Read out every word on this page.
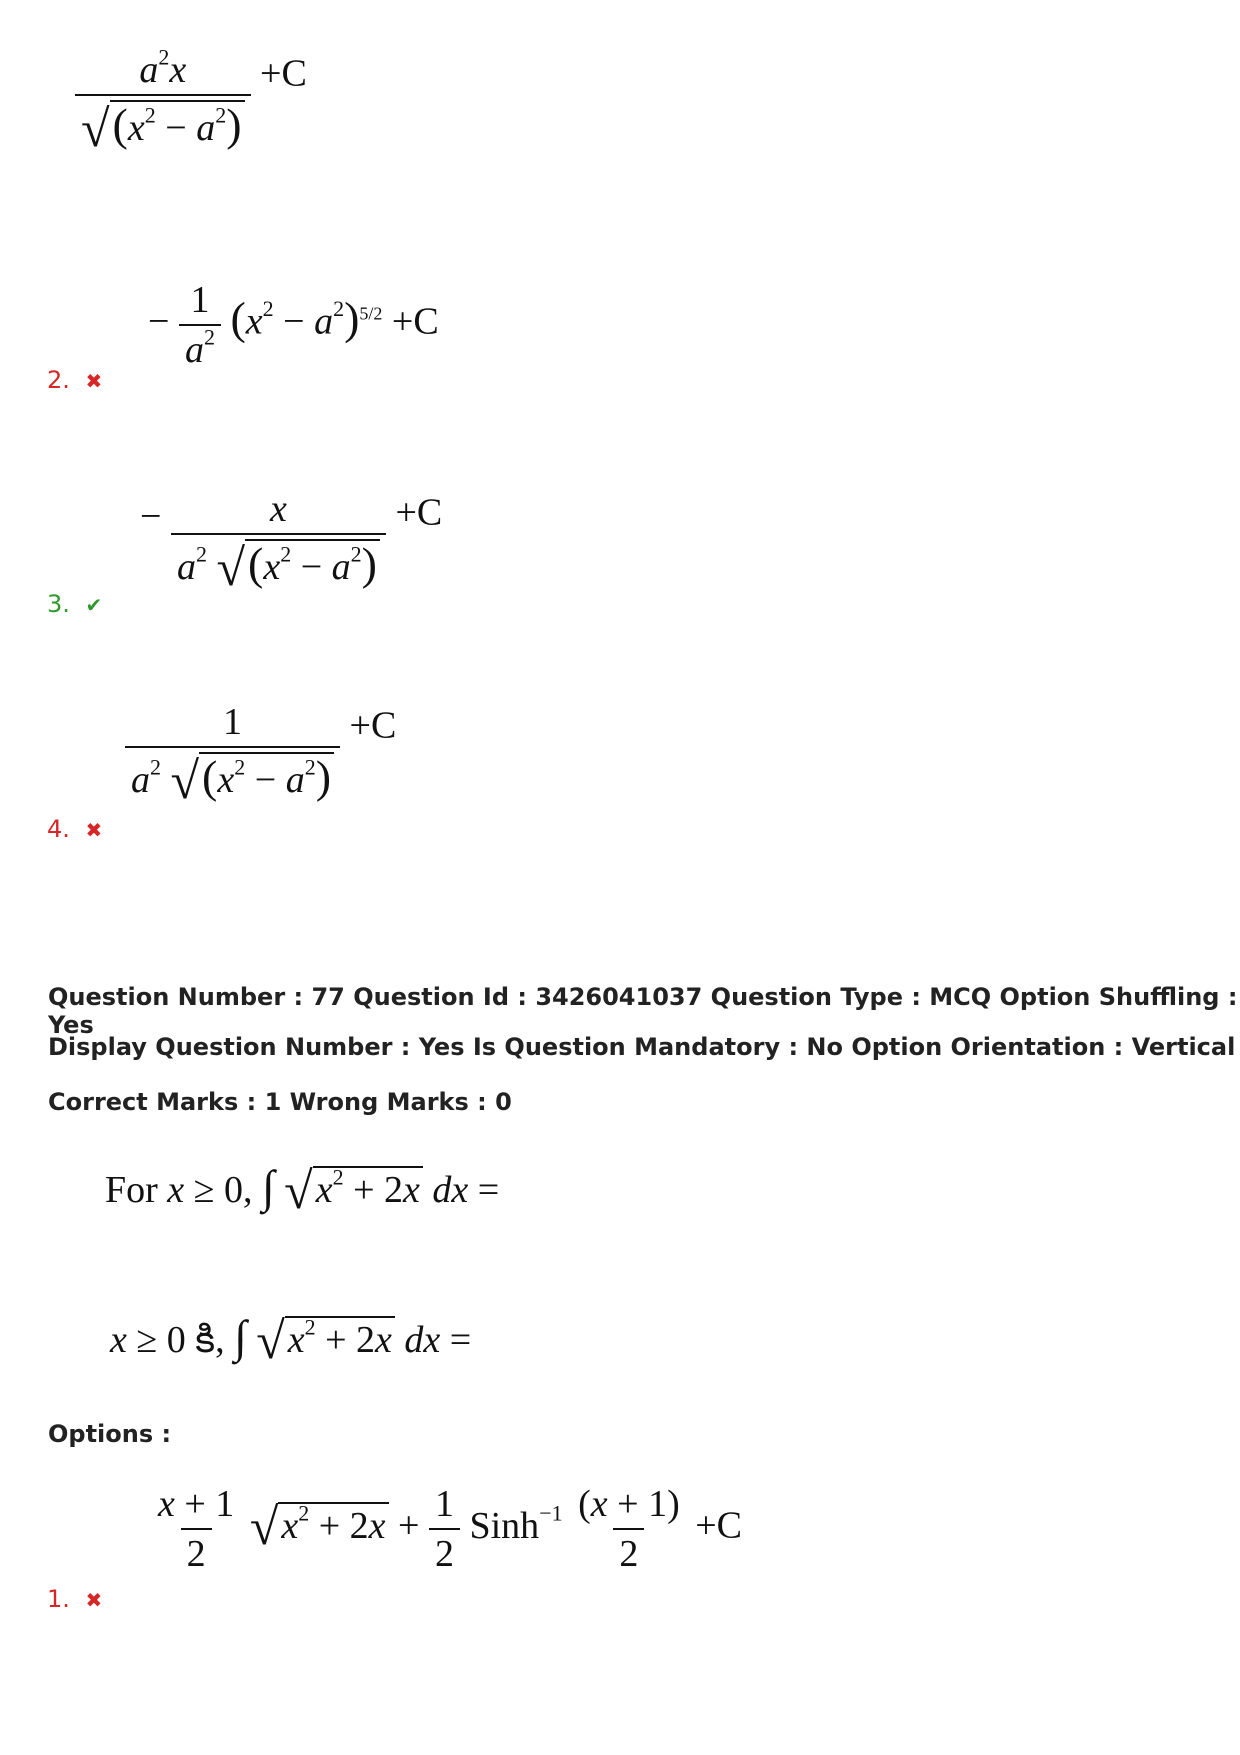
$\frac{a^2x}{√ (x^2 - a^2)} +C$
− $\frac{1}{a^2} (x^2 - a^2)^{5/2} +C$
2. ✖
− $\frac{x}{a^2 √ (x^2 - a^2)} +C$
3. ✔
$\frac{1}{a^2 √ (x^2 - a^2)} +C$
4. ✖
Question Number : 77 Question Id : 3426041037 Question Type : MCQ Option Shuffling : Yes
Display Question Number : Yes Is Question Mandatory : No Option Orientation : Vertical
Correct Marks : 1 Wrong Marks : 0
For x ≥ 0, ∫ √ $x^2 + 2x$ dx =
x ≥ 0 కి, ∫ √ $x^2 + 2x$ dx =
Options :
$\frac{x + 1}{2}$
√ $x^2 + 2x + \frac{1}{2}$ Sinh$^{-1}$ $\frac{(x + 1)}{2} +C$
1. ✖
